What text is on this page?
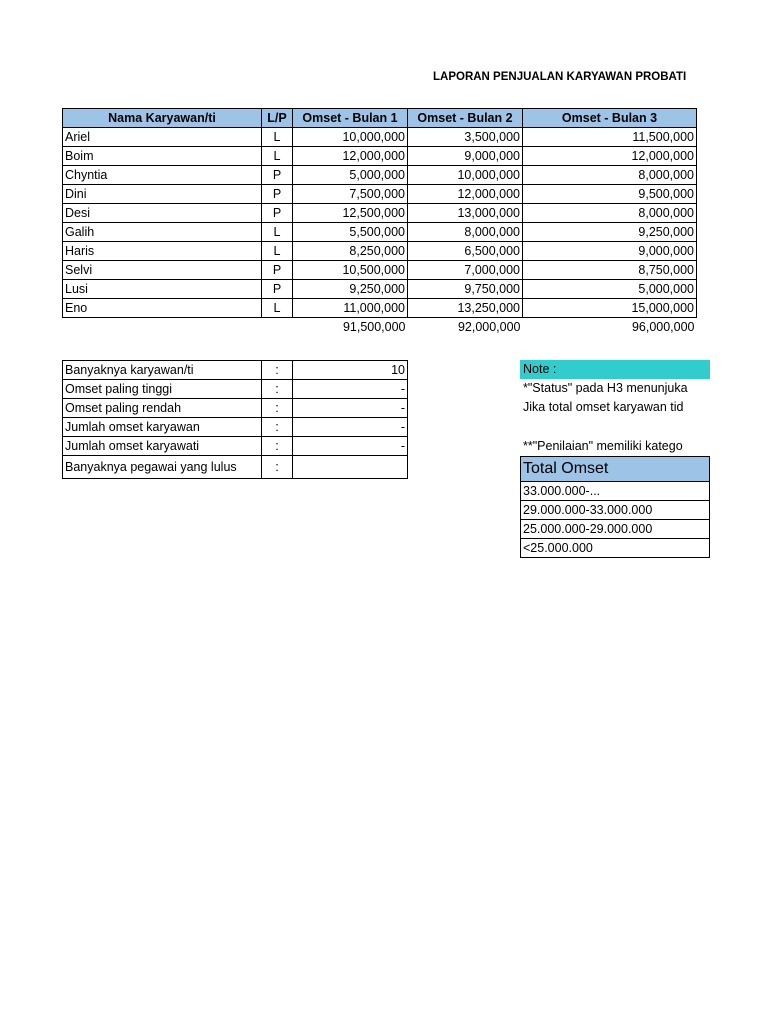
LAPORAN PENJUALAN KARYAWAN PROBATI
Nama Karyawan/ti	L/P	Omset - Bulan 1	Omset - Bulan 2	Omset - Bulan 3
Ariel	L	10,000,000	3,500,000	11,500,000
Boim	L	12,000,000	9,000,000	12,000,000
Chyntia	P	5,000,000	10,000,000	8,000,000
Dini	P	7,500,000	12,000,000	9,500,000
Desi	P	12,500,000	13,000,000	8,000,000
Galih	L	5,500,000	8,000,000	9,250,000
Haris	L	8,250,000	6,500,000	9,000,000
Selvi	P	10,500,000	7,000,000	8,750,000
Lusi	P	9,250,000	9,750,000	5,000,000
Eno	L	11,000,000	13,250,000	15,000,000
		91,500,000	92,000,000	96,000,000
Banyaknya karyawan/ti	:	10
Omset paling tinggi	:	-
Omset paling rendah	:	-
Jumlah omset karyawan	:	-
Jumlah omset karyawati	:	-
Banyaknya pegawai yang lulus	:	
Note :
*"Status" pada H3 menunjuka
Jika total omset karyawan tid
**"Penilaian" memiliki katego
Total Omset
33.000.000-...
29.000.000-33.000.000
25.000.000-29.000.000
<25.000.000
